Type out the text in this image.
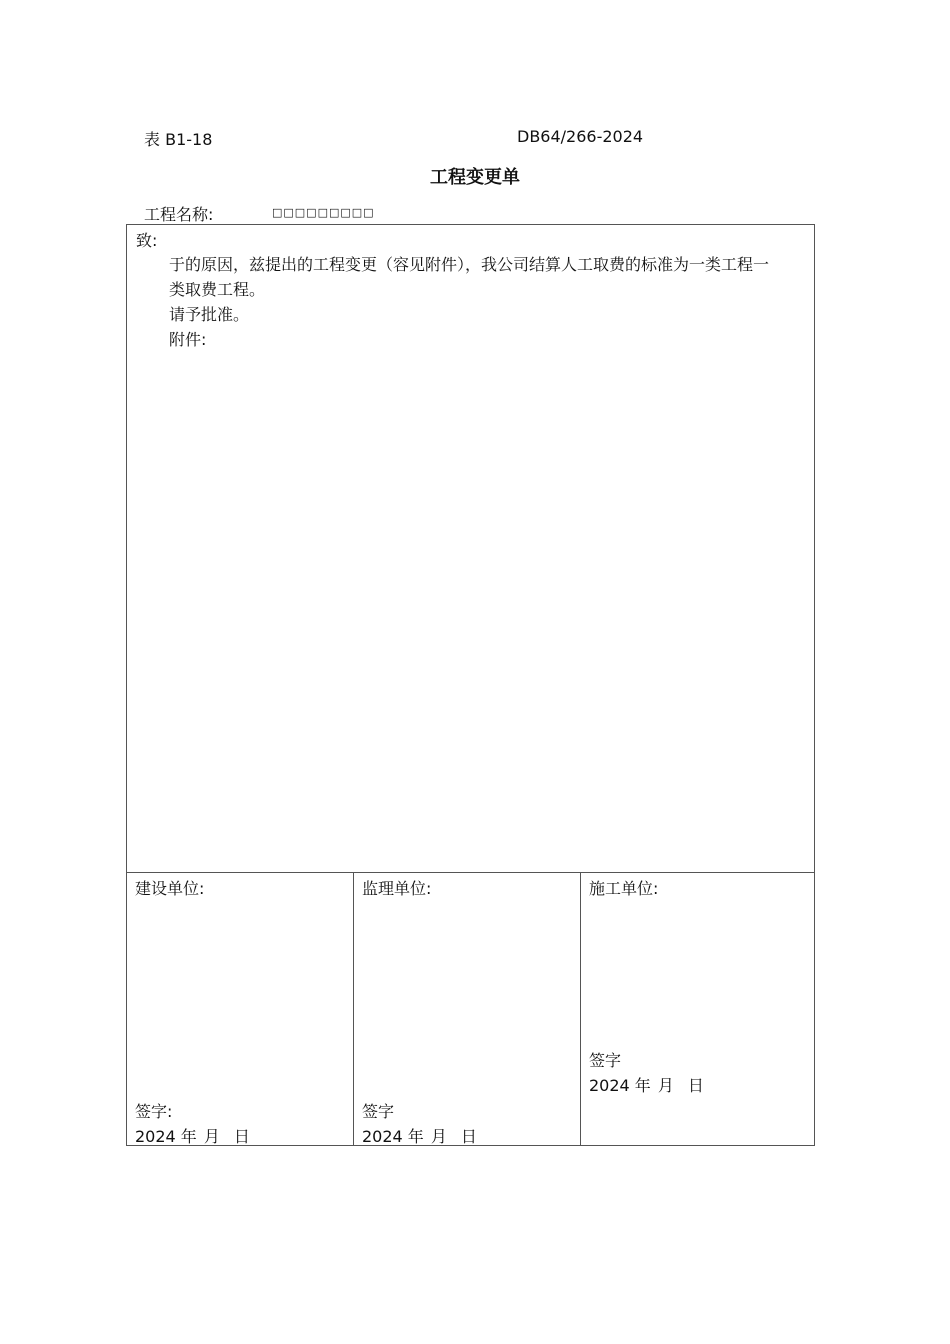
表 B1-18	DB64/266-2024
工程变更单
工程名称:	□□□□□□□□□
致:

于的原因，兹提出的工程变更（容见附件），我公司结算人工取费的标准为一类工程一

类取费工程。

请予批准。

附件:

建设单位:
签字:
2024 年 月 日
监理单位:
签字
2024 年 月 日
施工单位:
签字
2024 年 月 日
